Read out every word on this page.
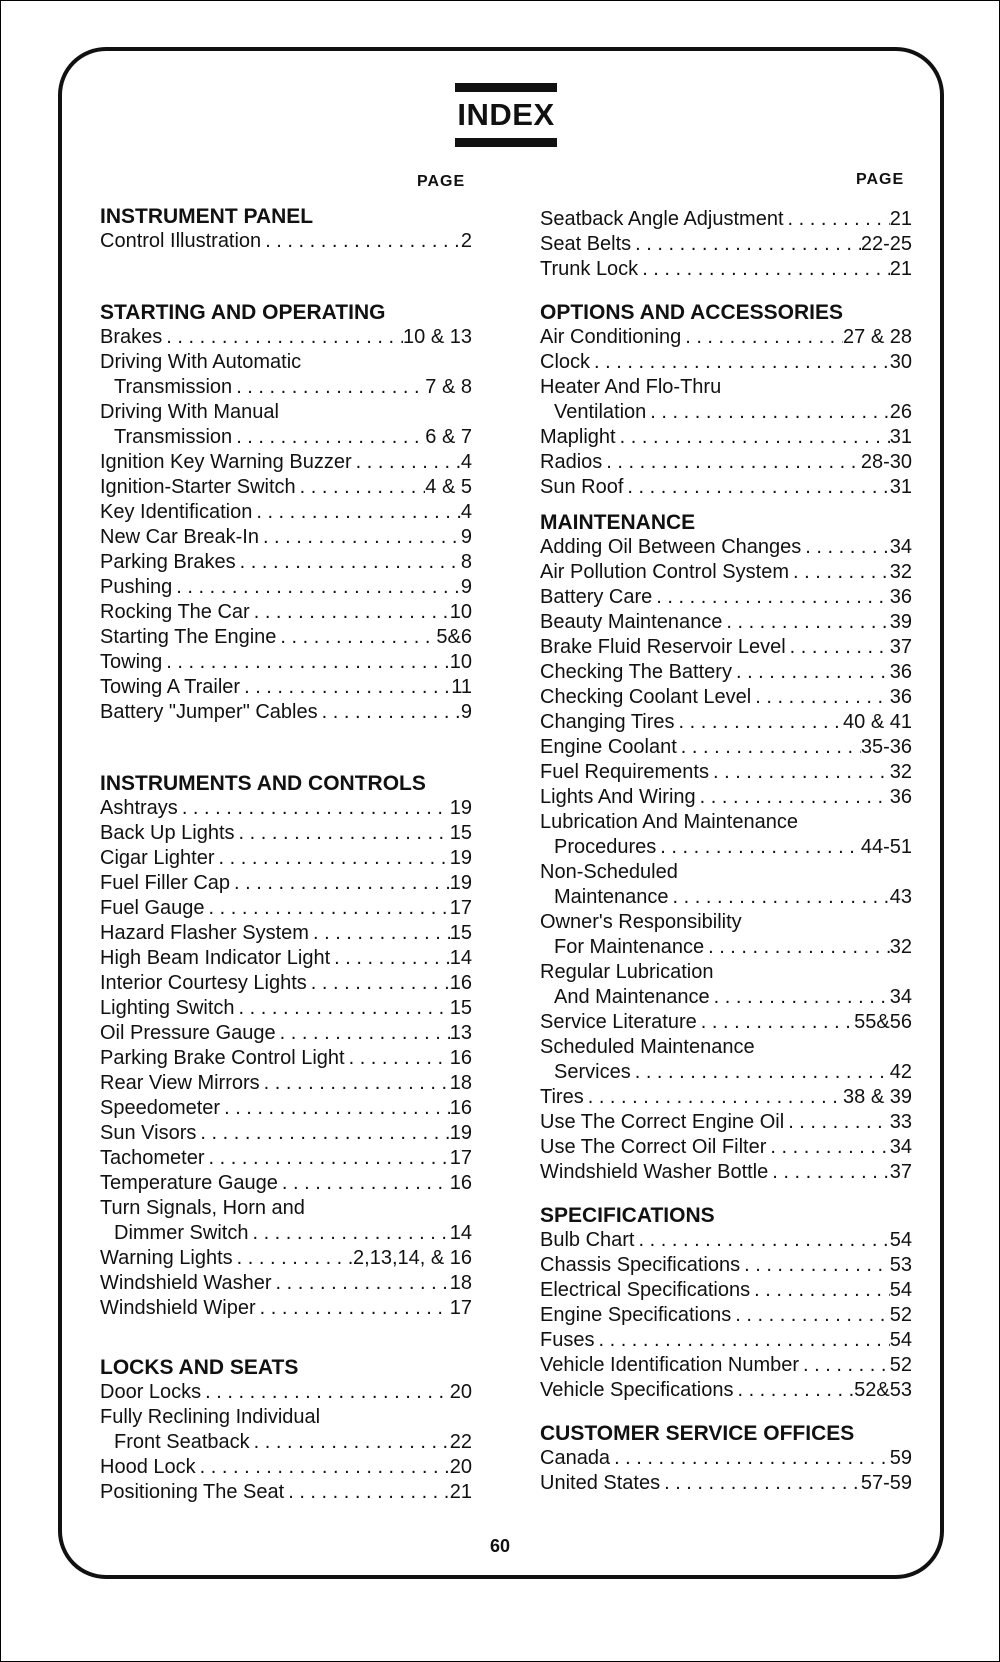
INDEX
PAGE	PAGE
INSTRUMENT PANEL
Control Illustration . . .	2
STARTING AND OPERATING
Brakes . . .	10 & 13
Driving With Automatic
Transmission . . .	7 & 8
Driving With Manual
Transmission . . .	6 & 7
Ignition Key Warning Buzzer . . .	4
Ignition-Starter Switch . . .	4 & 5
Key Identification . . .	4
New Car Break-In . . .	9
Parking Brakes . . .	8
Pushing . . .	9
Rocking The Car . . .	10
Starting The Engine . . .	5&6
Towing . . .	10
Towing A Trailer . . .	11
Battery "Jumper" Cables . . .	9
INSTRUMENTS AND CONTROLS
Ashtrays . . .	19
Back Up Lights . . .	15
Cigar Lighter . . .	19
Fuel Filler Cap . . .	19
Fuel Gauge . . .	17
Hazard Flasher System . . .	15
High Beam Indicator Light . . .	14
Interior Courtesy Lights . . .	16
Lighting Switch . . .	15
Oil Pressure Gauge . . .	13
Parking Brake Control Light . . .	16
Rear View Mirrors . . .	18
Speedometer . . .	16
Sun Visors . . .	19
Tachometer . . .	17
Temperature Gauge . . .	16
Turn Signals, Horn and
Dimmer Switch . . .	14
Warning Lights . . .	2,13,14, & 16
Windshield Washer . . .	18
Windshield Wiper . . .	17
LOCKS AND SEATS
Door Locks . . .	20
Fully Reclining Individual
Front Seatback . . .	22
Hood Lock . . .	20
Positioning The Seat . . .	21
Seatback Angle Adjustment . . .	21
Seat Belts . . .	22-25
Trunk Lock . . .	21
OPTIONS AND ACCESSORIES
Air Conditioning . . .	27 & 28
Clock . . .	30
Heater And Flo-Thru
Ventilation . . .	26
Maplight . . .	31
Radios . . .	28-30
Sun Roof . . .	31
MAINTENANCE
Adding Oil Between Changes . . .	34
Air Pollution Control System . . .	32
Battery Care . . .	36
Beauty Maintenance . . .	39
Brake Fluid Reservoir Level . . .	37
Checking The Battery . . .	36
Checking Coolant Level . . .	36
Changing Tires . . .	40 & 41
Engine Coolant . . .	35-36
Fuel Requirements . . .	32
Lights And Wiring . . .	36
Lubrication And Maintenance
Procedures . . .	44-51
Non-Scheduled
Maintenance . . .	43
Owner's Responsibility
For Maintenance . . .	32
Regular Lubrication
And Maintenance . . .	34
Service Literature . . .	55&56
Scheduled Maintenance
Services . . .	42
Tires . . .	38 & 39
Use The Correct Engine Oil . . .	33
Use The Correct Oil Filter . . .	34
Windshield Washer Bottle . . .	37
SPECIFICATIONS
Bulb Chart . . .	54
Chassis Specifications . . .	53
Electrical Specifications . . .	54
Engine Specifications . . .	52
Fuses . . .	54
Vehicle Identification Number . . .	52
Vehicle Specifications . . .	52&53
CUSTOMER SERVICE OFFICES
Canada . . .	59
United States . . .	57-59
60
